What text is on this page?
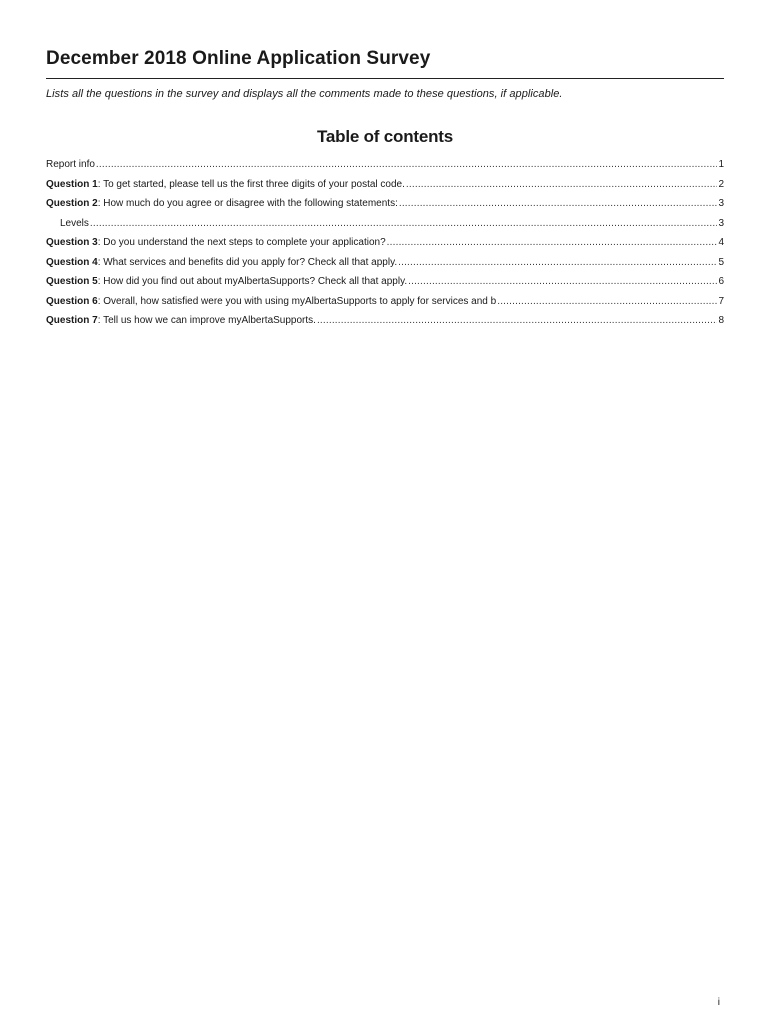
December 2018 Online Application Survey
Lists all the questions in the survey and displays all the comments made to these questions, if applicable.
Table of contents
Report info .....	1
Question 1: To get started, please tell us the first three digits of your postal code. .....	2
Question 2: How much do you agree or disagree with the following statements: .....	3
Levels .....	3
Question 3: Do you understand the next steps to complete your application? .....	4
Question 4: What services and benefits did you apply for? Check all that apply. .....	5
Question 5: How did you find out about myAlbertaSupports? Check all that apply. .....	6
Question 6: Overall, how satisfied were you with using myAlbertaSupports to apply for services and b .....	7
Question 7: Tell us how we can improve myAlbertaSupports. .....	8
i
